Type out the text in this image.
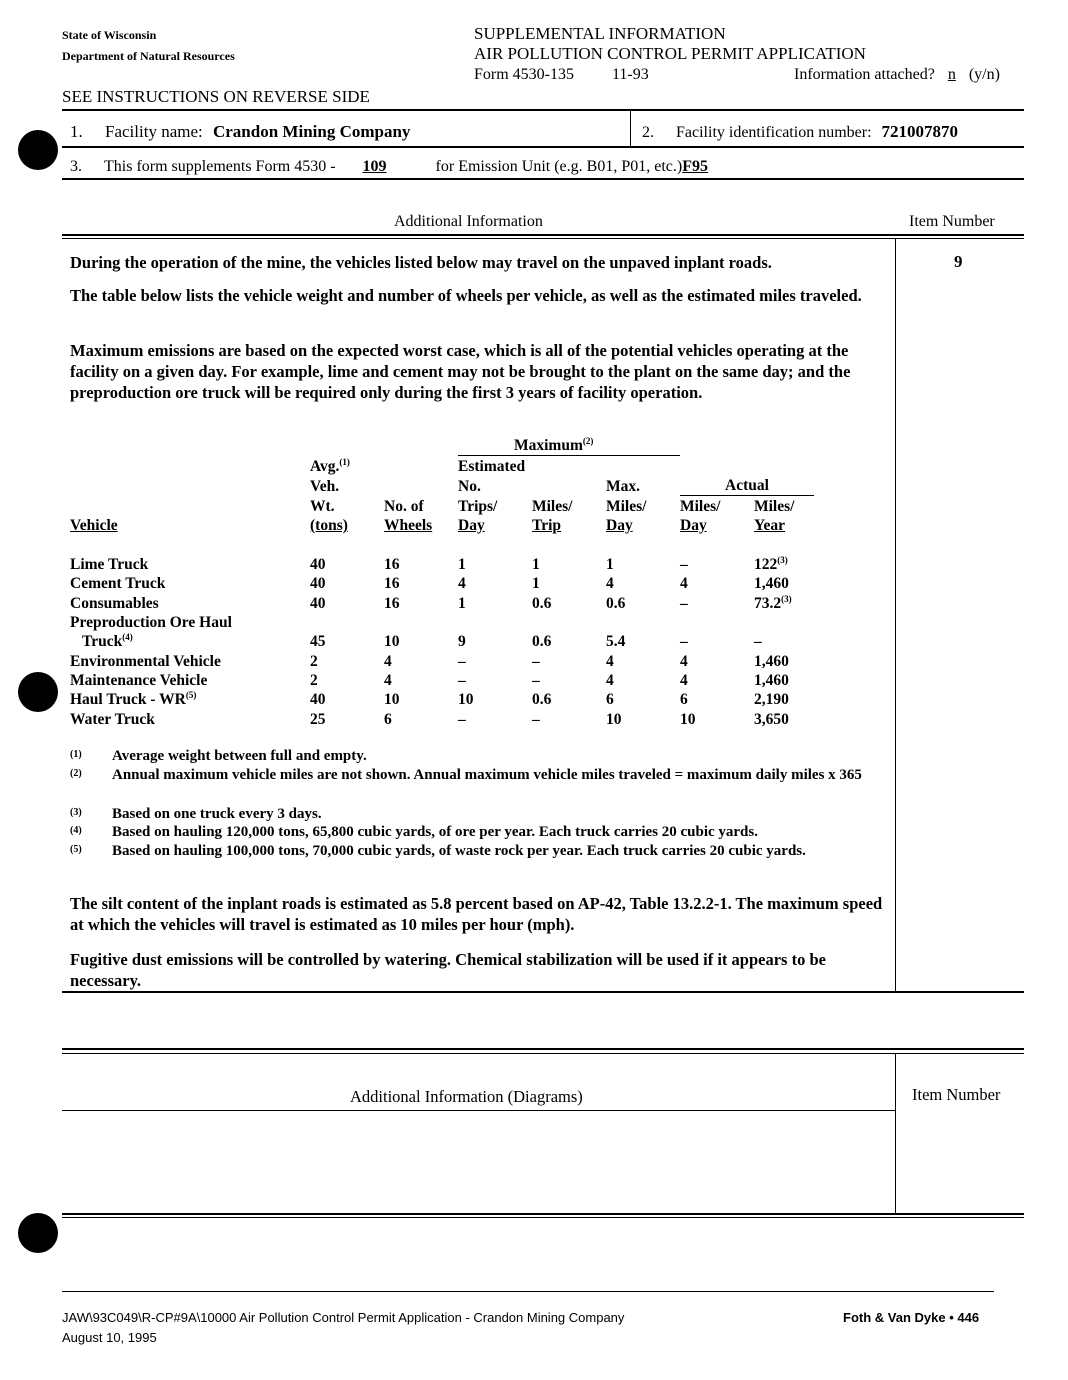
State of Wisconsin
Department of Natural Resources
SUPPLEMENTAL INFORMATION
AIR POLLUTION CONTROL PERMIT APPLICATION
Form 4530-135 11-93	Information attached? n (y/n)
SEE INSTRUCTIONS ON REVERSE SIDE
1. Facility name: Crandon Mining Company	2. Facility identification number: 721007870
3. This form supplements Form 4530 - 109	for Emission Unit (e.g. B01, P01, etc.)F95
Additional Information	Item Number
9
During the operation of the mine, the vehicles listed below may travel on the unpaved inplant roads.
The table below lists the vehicle weight and number of wheels per vehicle, as well as the estimated miles traveled.
Maximum emissions are based on the expected worst case, which is all of the potential vehicles operating at the facility on a given day. For example, lime and cement may not be brought to the plant on the same day; and the preproduction ore truck will be required only during the first 3 years of facility operation.
			Maximum$^{(2)}$		
	Avg.$^{(1)}$		Estimated				
	Veh.		No.		Max.	Actual	
	Wt.	No. of	Trips/	Miles/	Miles/	Miles/	Miles/
Vehicle	(tons)	Wheels	Day	Trip	Day	Day	Year

Lime Truck	40	16	1	1	1	–	122$^{(3)}$
Cement Truck	40	16	4	1	4	4	1,460
Consumables	40	16	1	0.6	0.6	–	73.2$^{(3)}$
Preproduction Ore Haul							
Truck$^{(4)}$	45	10	9	0.6	5.4	–	–
Environmental Vehicle	2	4	–	–	4	4	1,460
Maintenance Vehicle	2	4	–	–	4	4	1,460
Haul Truck - WR$^{(5)}$	40	10	10	0.6	6	6	2,190
Water Truck	25	6	–	–	10	10	3,650
(1) Average weight between full and empty.
(2) Annual maximum vehicle miles are not shown. Annual maximum vehicle miles traveled = maximum daily miles x 365
(3) Based on one truck every 3 days.
(4) Based on hauling 120,000 tons, 65,800 cubic yards, of ore per year. Each truck carries 20 cubic yards.
(5) Based on hauling 100,000 tons, 70,000 cubic yards, of waste rock per year. Each truck carries 20 cubic yards.
The silt content of the inplant roads is estimated as 5.8 percent based on AP-42, Table 13.2.2-1. The maximum speed at which the vehicles will travel is estimated as 10 miles per hour (mph).
Fugitive dust emissions will be controlled by watering. Chemical stabilization will be used if it appears to be necessary.
Additional Information (Diagrams)	Item Number
JAW\93C049\R-CP#9A\10000 Air Pollution Control Permit Application - Crandon Mining Company
August 10, 1995
Foth & Van Dyke • 446
